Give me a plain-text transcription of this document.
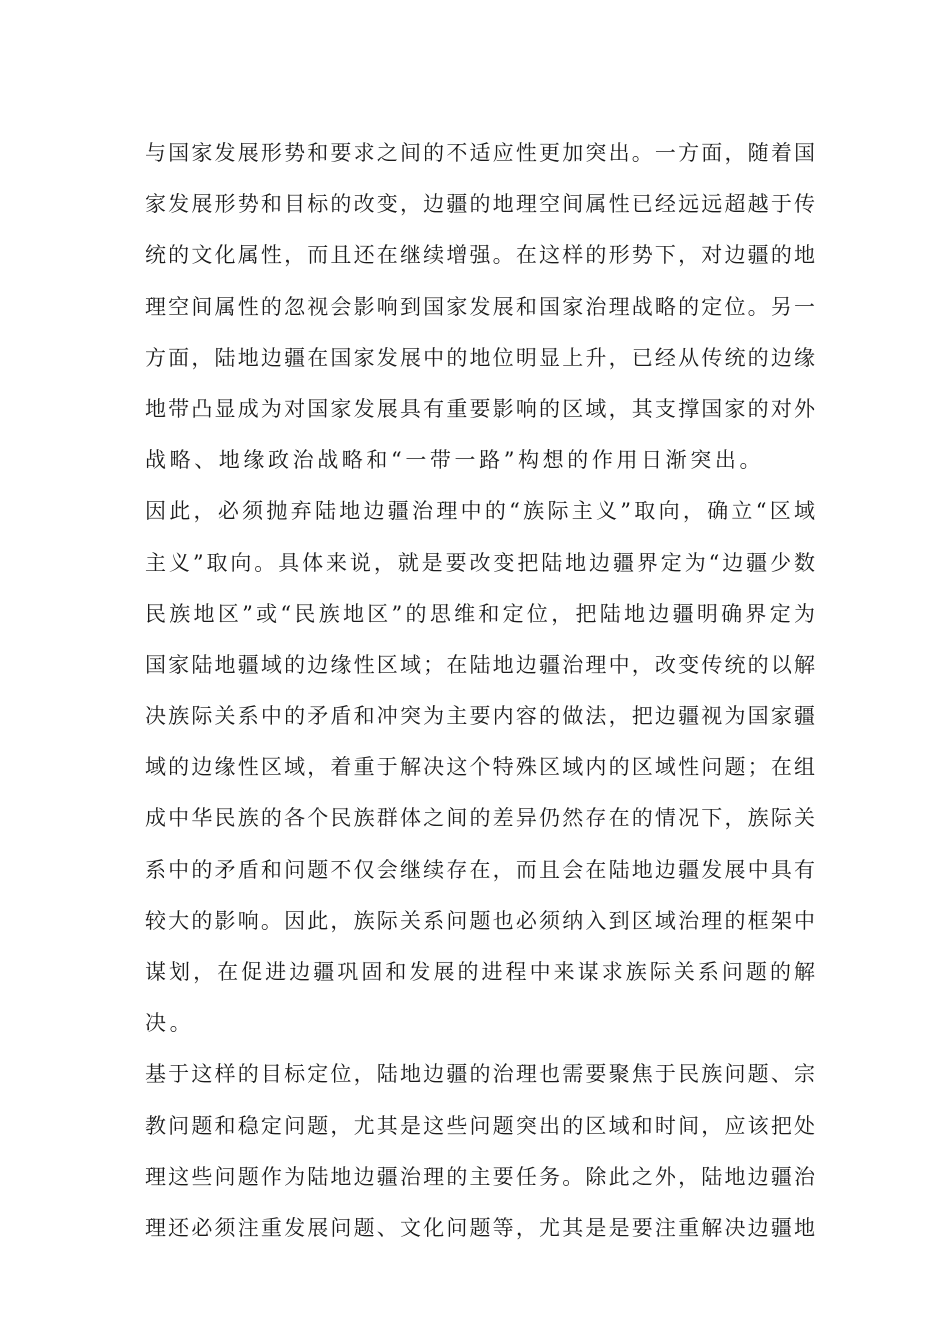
与国家发展形势和要求之间的不适应性更加突出。一方面，随着国
家发展形势和目标的改变，边疆的地理空间属性已经远远超越于传
统的文化属性，而且还在继续增强。在这样的形势下，对边疆的地
理空间属性的忽视会影响到国家发展和国家治理战略的定位。另一
方面，陆地边疆在国家发展中的地位明显上升，已经从传统的边缘
地带凸显成为对国家发展具有重要影响的区域，其支撑国家的对外
战略、地缘政治战略和“一带一路”构想的作用日渐突出。
因此，必须抛弃陆地边疆治理中的“族际主义”取向，确立“区域
主义”取向。具体来说，就是要改变把陆地边疆界定为“边疆少数
民族地区”或“民族地区”的思维和定位，把陆地边疆明确界定为
国家陆地疆域的边缘性区域；在陆地边疆治理中，改变传统的以解
决族际关系中的矛盾和冲突为主要内容的做法，把边疆视为国家疆
域的边缘性区域，着重于解决这个特殊区域内的区域性问题；在组
成中华民族的各个民族群体之间的差异仍然存在的情况下，族际关
系中的矛盾和问题不仅会继续存在，而且会在陆地边疆发展中具有
较大的影响。因此，族际关系问题也必须纳入到区域治理的框架中
谋划，在促进边疆巩固和发展的进程中来谋求族际关系问题的解
决。
基于这样的目标定位，陆地边疆的治理也需要聚焦于民族问题、宗
教问题和稳定问题，尤其是这些问题突出的区域和时间，应该把处
理这些问题作为陆地边疆治理的主要任务。除此之外，陆地边疆治
理还必须注重发展问题、文化问题等，尤其是是要注重解决边疆地
